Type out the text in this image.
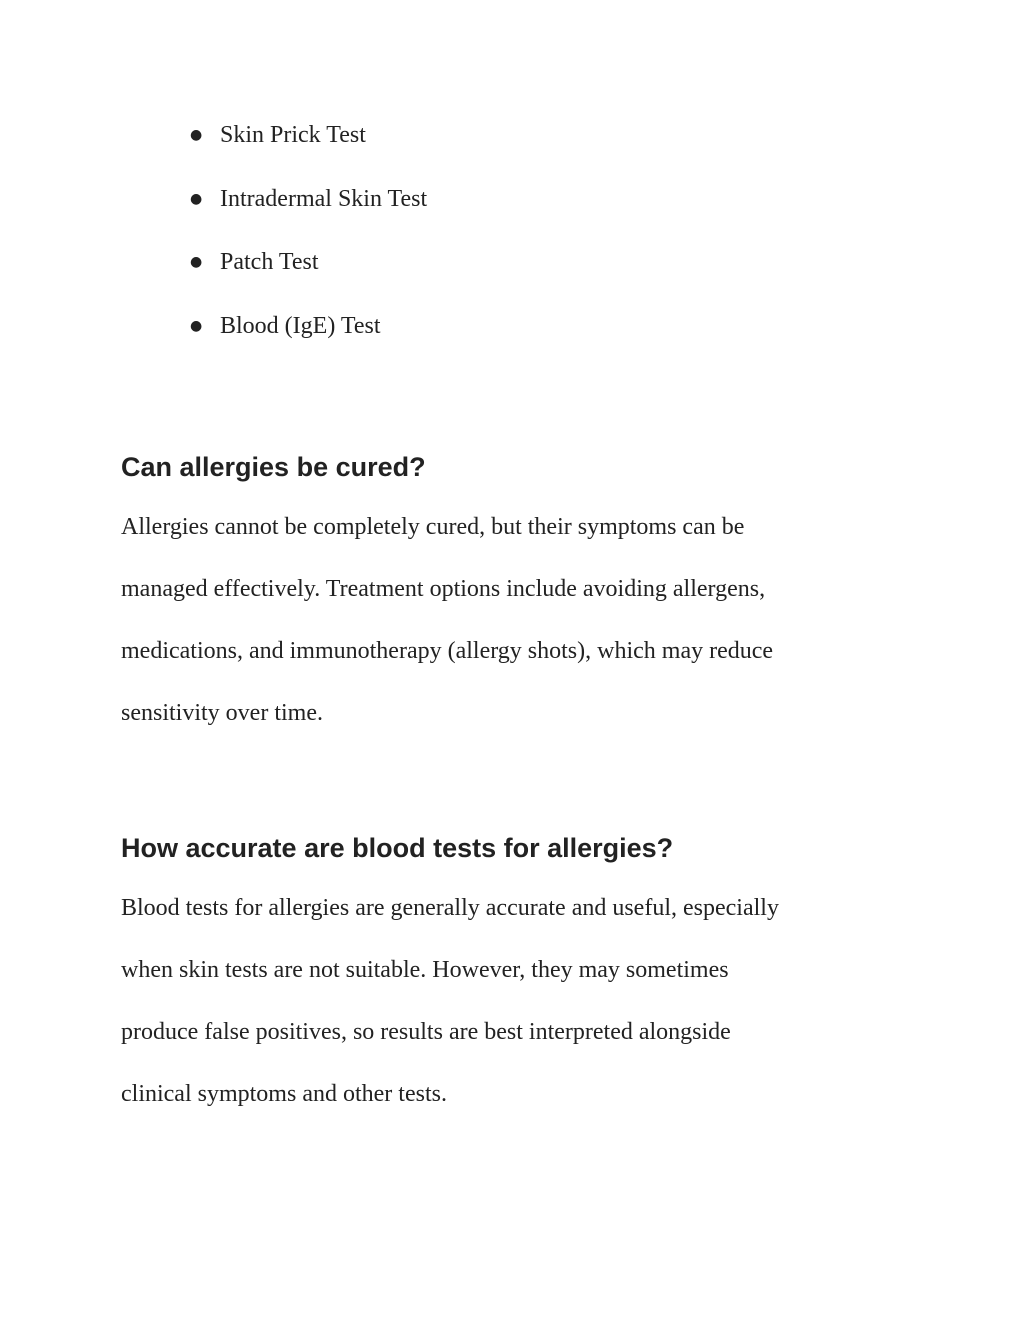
● Skin Prick Test
● Intradermal Skin Test
● Patch Test
● Blood (IgE) Test
Can allergies be cured?

Allergies cannot be completely cured, but their symptoms can be
managed effectively. Treatment options include avoiding allergens,
medications, and immunotherapy (allergy shots), which may reduce
sensitivity over time.

How accurate are blood tests for allergies?

Blood tests for allergies are generally accurate and useful, especially
when skin tests are not suitable. However, they may sometimes
produce false positives, so results are best interpreted alongside
clinical symptoms and other tests.
